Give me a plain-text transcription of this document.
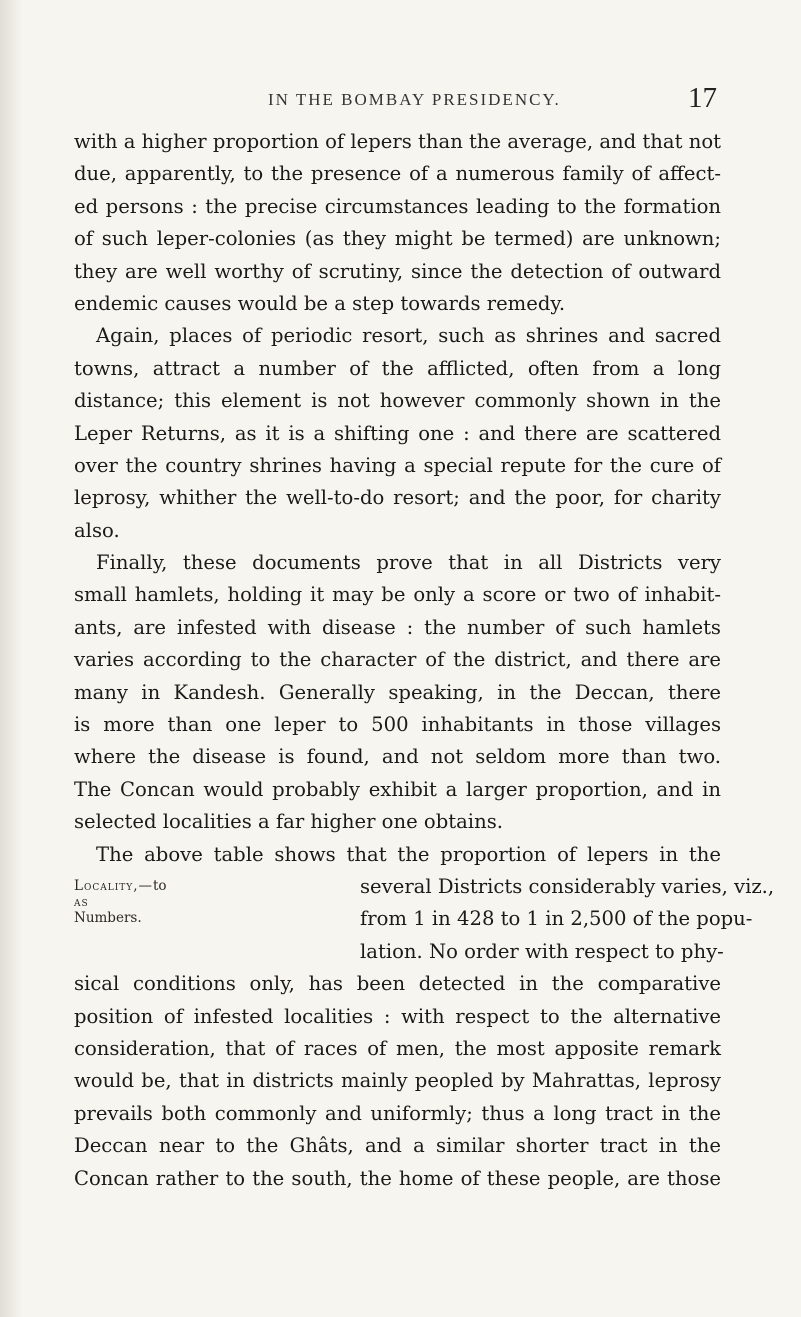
IN THE BOMBAY PRESIDENCY.	17
with a higher proportion of lepers than the average, and that not
due, apparently, to the presence of a numerous family of affect-
ed persons : the precise circumstances leading to the formation
of such leper-colonies (as they might be termed) are unknown;
they are well worthy of scrutiny, since the detection of outward
endemic causes would be a step towards remedy.
Again, places of periodic resort, such as shrines and sacred
towns, attract a number of the afflicted, often from a long
distance; this element is not however commonly shown in the
Leper Returns, as it is a shifting one : and there are scattered
over the country shrines having a special repute for the cure of
leprosy, whither the well-to-do resort; and the poor, for charity
also.
Finally, these documents prove that in all Districts very
small hamlets, holding it may be only a score or two of inhabit-
ants, are infested with disease : the number of such hamlets
varies according to the character of the district, and there are
many in Kandesh. Generally speaking, in the Deccan, there
is more than one leper to 500 inhabitants in those villages
where the disease is found, and not seldom more than two.
The Concan would probably exhibit a larger proportion, and in
selected localities a far higher one obtains.
The above table shows that the proportion of lepers in the
Locality,—as
to
Numbers.
several Districts considerably varies, viz.,
from 1 in 428 to 1 in 2,500 of the popu-
lation. No order with respect to phy-
sical conditions only, has been detected in the comparative
position of infested localities : with respect to the alternative
consideration, that of races of men, the most apposite remark
would be, that in districts mainly peopled by Mahrattas, leprosy
prevails both commonly and uniformly; thus a long tract in the
Deccan near to the Ghâts, and a similar shorter tract in the
Concan rather to the south, the home of these people, are those
